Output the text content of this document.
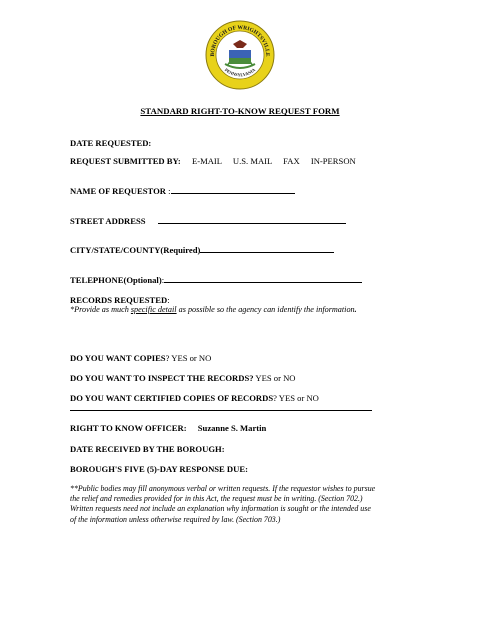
BOROUGH OF WRIGHTSVILLE
PENNSYLVANIA
STANDARD RIGHT-TO-KNOW REQUEST FORM
DATE REQUESTED:
REQUEST SUBMITTED BY: E-MAIL U.S. MAIL FAX IN-PERSON
NAME OF REQUESTOR :
STREET ADDRESS
CITY/STATE/COUNTY(Required)
TELEPHONE(Optional):
RECORDS REQUESTED:
*Provide as much specific detail as possible so the agency can identify the information.
DO YOU WANT COPIES? YES or NO
DO YOU WANT TO INSPECT THE RECORDS? YES or NO
DO YOU WANT CERTIFIED COPIES OF RECORDS? YES or NO
RIGHT TO KNOW OFFICER: Suzanne S. Martin
DATE RECEIVED BY THE BOROUGH:
BOROUGH'S FIVE (5)-DAY RESPONSE DUE:
**Public bodies may fill anonymous verbal or written requests. If the requestor wishes to pursue
the relief and remedies provided for in this Act, the request must be in writing. (Section 702.)
Written requests need not include an explanation why information is sought or the intended use
of the information unless otherwise required by law. (Section 703.)
